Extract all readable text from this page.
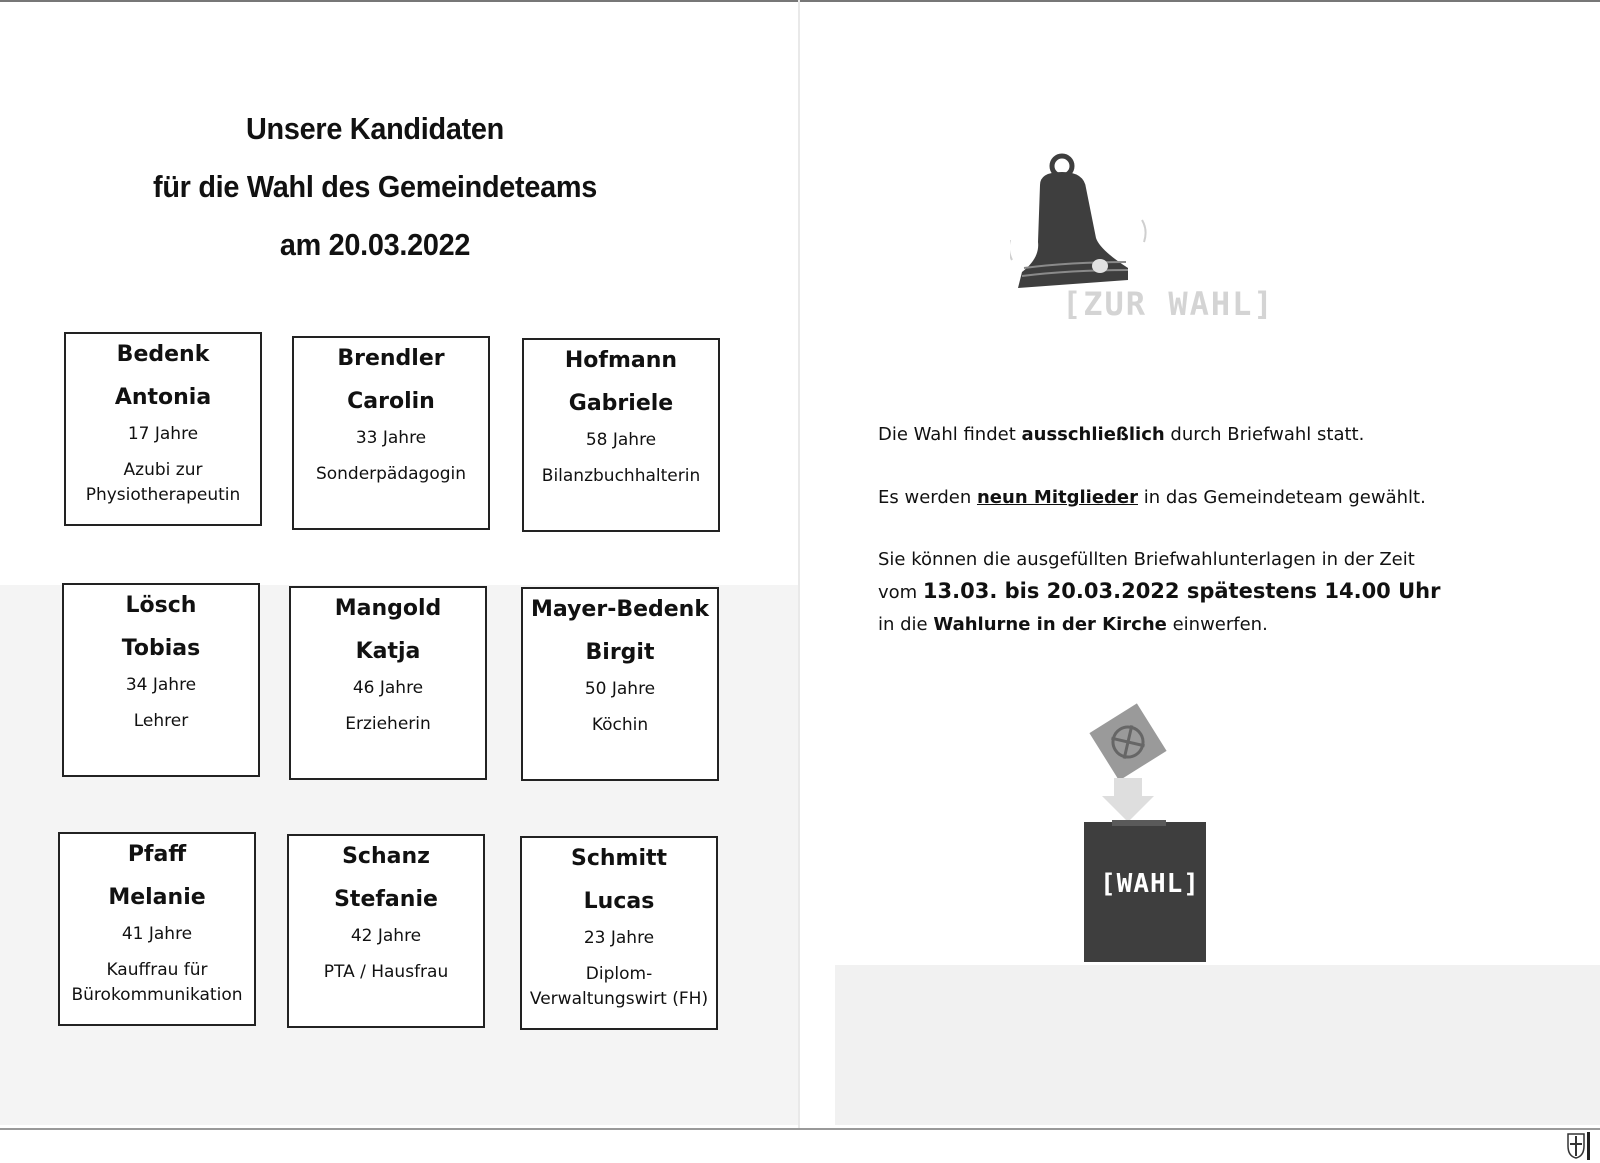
Unsere Kandidaten
für die Wahl des Gemeindeteams
am 20.03.2022
Bedenk
Antonia
17 Jahre
Azubi zur Physiotherapeutin
Brendler
Carolin
33 Jahre
Sonderpädagogin
Hofmann
Gabriele
58 Jahre
Bilanzbuchhalterin
Lösch
Tobias
34 Jahre
Lehrer
Mangold
Katja
46 Jahre
Erzieherin
Mayer-Bedenk
Birgit
50 Jahre
Köchin
Pfaff
Melanie
41 Jahre
Kauffrau für Bürokommunikation
Schanz
Stefanie
42 Jahre
PTA / Hausfrau
Schmitt
Lucas
23 Jahre
Diplom-Verwaltungswirt (FH)
[ZUR WAHL]
Die Wahl findet ausschließlich durch Briefwahl statt.
Es werden neun Mitglieder in das Gemeindeteam gewählt.
Sie können die ausgefüllten Briefwahlunterlagen in der Zeit
vom 13.03. bis 20.03.2022 spätestens 14.00 Uhr
in die Wahlurne in der Kirche einwerfen.
[WAHL]
